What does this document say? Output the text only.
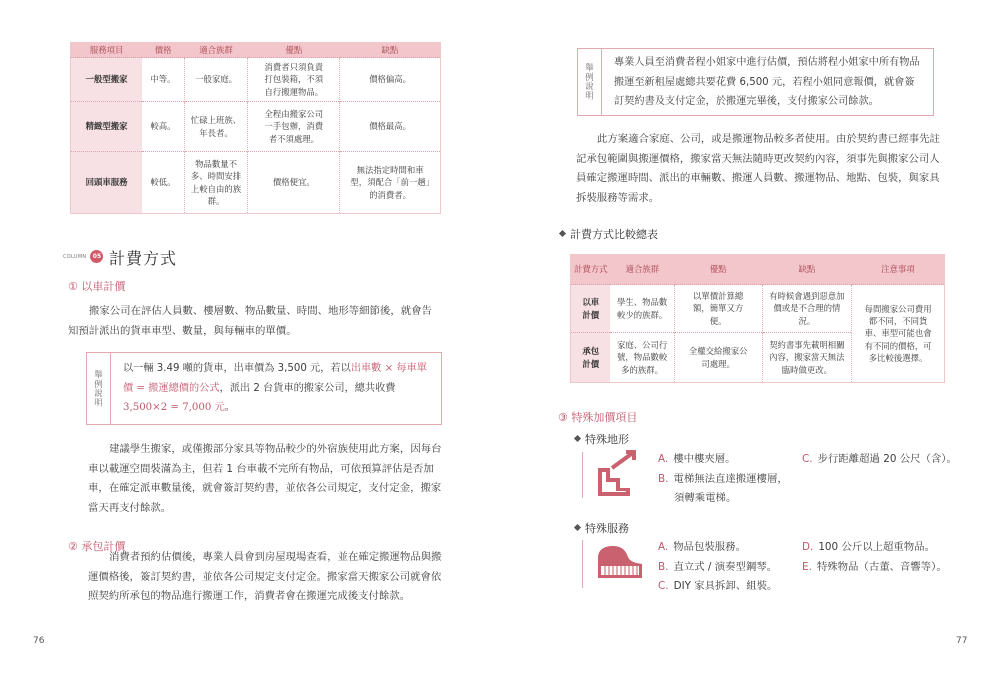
服務項目	價格	適合族群	優點	缺點
一般型搬家	中等。	一般家庭。	消費者只須負責打包裝箱，不須自行搬運物品。	價格偏高。
精緻型搬家	較高。	忙碌上班族、年長者。	全程由搬家公司一手包辦，消費者不須處理。	價格最高。
回頭車服務	較低。	物品數量不多、時間安排上較自由的族群。	價格便宜。	無法指定時間和車型，須配合「前一趟」的消費者。
COLUMN	05 計費方式
① 以車計價
搬家公司在評估人員數、樓層數、物品數量、時間、地形等細節後，就會告知預計派出的貨車車型、數量，與每輛車的單價。
舉例說明
以一輛 3.49 噸的貨車，出車價為 3,500 元，若以出車數 × 每車單價 = 搬運總價的公式，派出 2 台貨車的搬家公司，總共收費3,500×2 = 7,000 元。
建議學生搬家，或僅搬部分家具等物品較少的外宿族使用此方案，因每台車以載運空間裝滿為主，但若 1 台車載不完所有物品，可依預算評估是否加車，在確定派車數量後，就會簽訂契約書，並依各公司規定，支付定金，搬家當天再支付餘款。
② 承包計價
消費者預約估價後，專業人員會到房屋現場查看，並在確定搬運物品與搬運價格後，簽訂契約書，並依各公司規定支付定金。搬家當天搬家公司就會依照契約所承包的物品進行搬運工作，消費者會在搬運完成後支付餘款。
76
舉例說明
專業人員至消費者程小姐家中進行估價，預估將程小姐家中所有物品搬運至新租屋處總共要花費 6,500 元，若程小姐同意報價，就會簽訂契約書及支付定金，於搬運完畢後，支付搬家公司餘款。
此方案適合家庭、公司，或是搬運物品較多者使用。由於契約書已經事先註記承包範圍與搬運價格，搬家當天無法隨時更改契約內容，須事先與搬家公司人員確定搬運時間、派出的車輛數、搬運人員數、搬運物品、地點、包裝，與家具拆裝服務等需求。
計費方式比較總表
計費方式	適合族群	優點	缺點	注意事項
以車計價	學生、物品數較少的族群。	以單價計算總額，簡單又方便。	有時候會遇到惡意加價或是不合理的情況。	每間搬家公司費用都不同，不同貨車、車型可能也會有不同的價格，可多比較後選擇。
承包計價	家庭、公司行號，物品數較多的族群。	全權交給搬家公司處理。	契約書事先載明相關內容，搬家當天無法臨時做更改。	
③ 特殊加價項目
特殊地形
A. 樓中樓夾層。
B. 電梯無法直達搬運樓層，須轉乘電梯。
C. 步行距離超過 20 公尺（含）。
特殊服務
A. 物品包裝服務。
B. 直立式 / 演奏型鋼琴。
C. DIY 家具拆卸、組裝。
D. 100 公斤以上超重物品。
E. 特殊物品（古董、音響等）。
77
